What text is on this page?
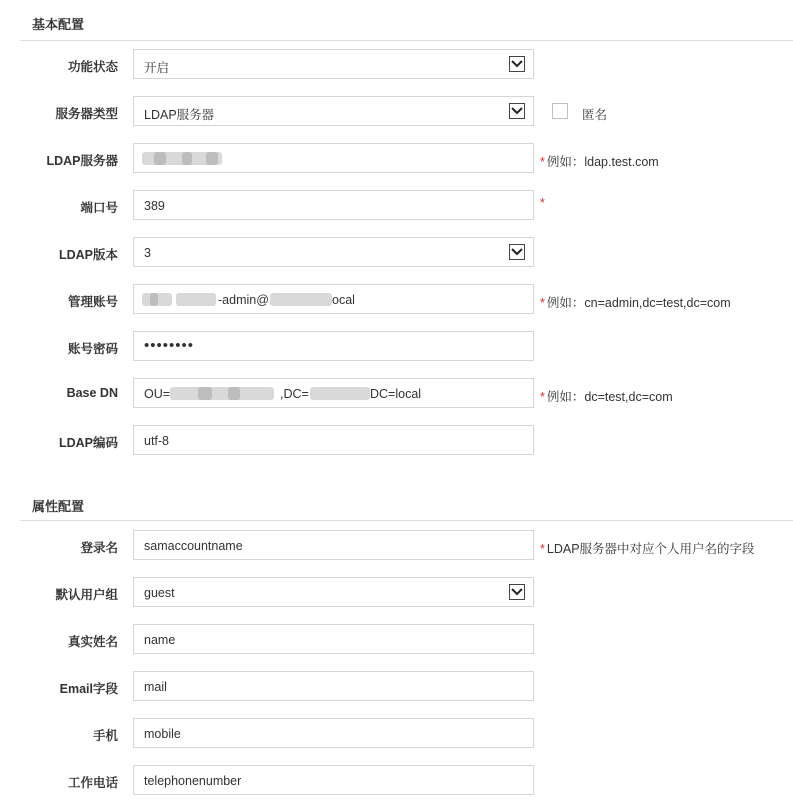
基本配置
功能状态 开启
服务器类型 LDAP服务器	匿名
LDAP服务器	* 例如：ldap.test.com
端口号 389	*
LDAP版本 3
管理账号	-admin@	ocal	* 例如：cn=admin,dc=test,dc=com
账号密码 ••••••••
Base DN OU=	,DC=	DC=local	* 例如：dc=test,dc=com
LDAP编码 utf-8
属性配置
登录名 samaccountname	* LDAP服务器中对应个人用户名的字段
默认用户组 guest
真实姓名 name
Email字段 mail
手机 mobile
工作电话 telephonenumber
